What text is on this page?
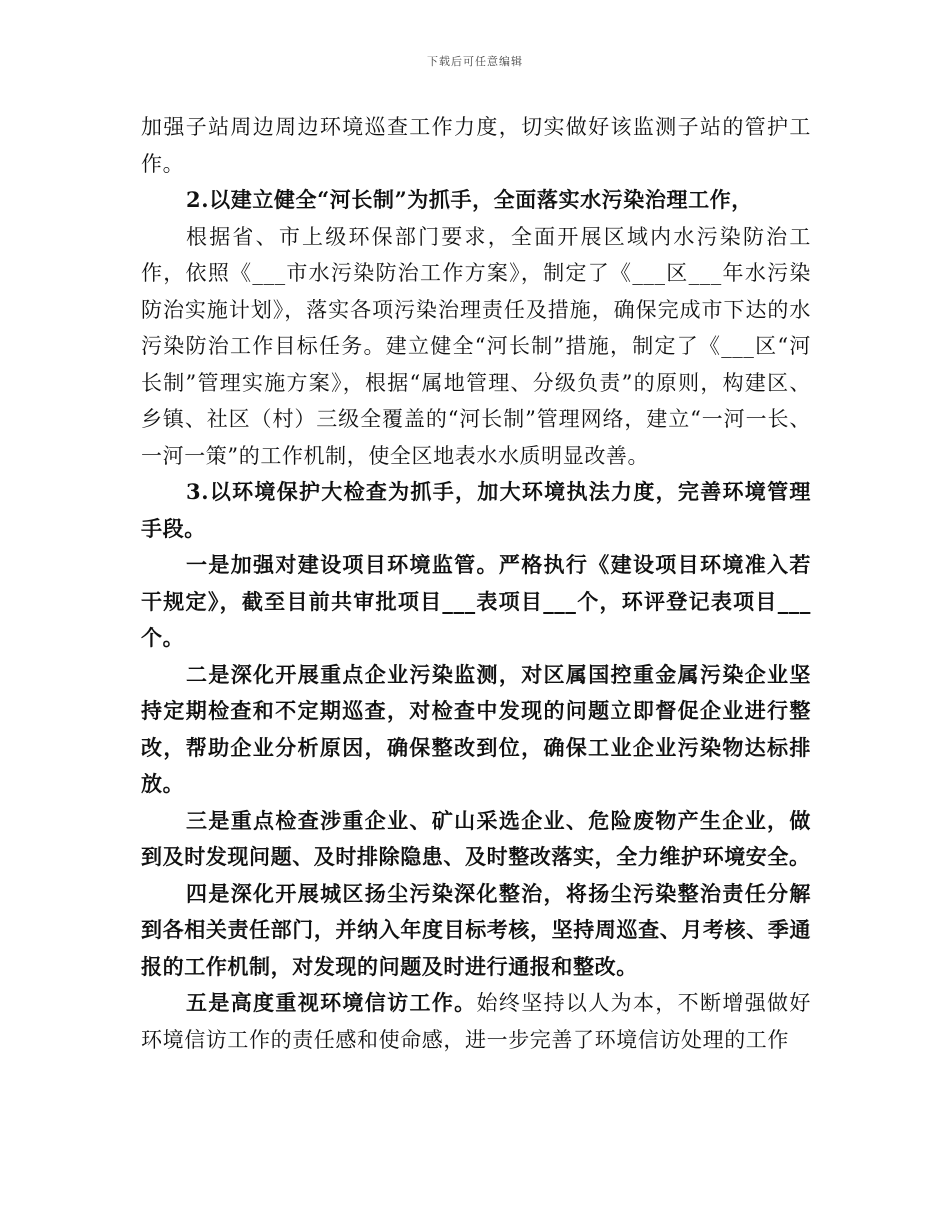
下载后可任意编辑

加强子站周边周边环境巡查工作力度，切实做好该监测子站的管护工作。

2.以建立健全“河长制”为抓手，全面落实水污染治理工作，

根据省、市上级环保部门要求，全面开展区域内水污染防治工作，依照《___市水污染防治工作方案》，制定了《___区___年水污染防治实施计划》，落实各项污染治理责任及措施，确保完成市下达的水污染防治工作目标任务。建立健全“河长制”措施，制定了《___区“河长制”管理实施方案》，根据“属地管理、分级负责”的原则，构建区、乡镇、社区（村）三级全覆盖的“河长制”管理网络，建立“一河一长、一河一策”的工作机制，使全区地表水水质明显改善。

3.以环境保护大检查为抓手，加大环境执法力度，完善环境管理手段。

一是加强对建设项目环境监管。严格执行《建设项目环境准入若干规定》，截至目前共审批项目___表项目___个，环评登记表项目___个。

二是深化开展重点企业污染监测，对区属国控重金属污染企业坚持定期检查和不定期巡查，对检查中发现的问题立即督促企业进行整改，帮助企业分析原因，确保整改到位，确保工业企业污染物达标排放。

三是重点检查涉重企业、矿山采选企业、危险废物产生企业，做到及时发现问题、及时排除隐患、及时整改落实，全力维护环境安全。

四是深化开展城区扬尘污染深化整治，将扬尘污染整治责任分解到各相关责任部门，并纳入年度目标考核，坚持周巡查、月考核、季通报的工作机制，对发现的问题及时进行通报和整改。

五是高度重视环境信访工作。始终坚持以人为本，不断增强做好环境信访工作的责任感和使命感，进一步完善了环境信访处理的工作
